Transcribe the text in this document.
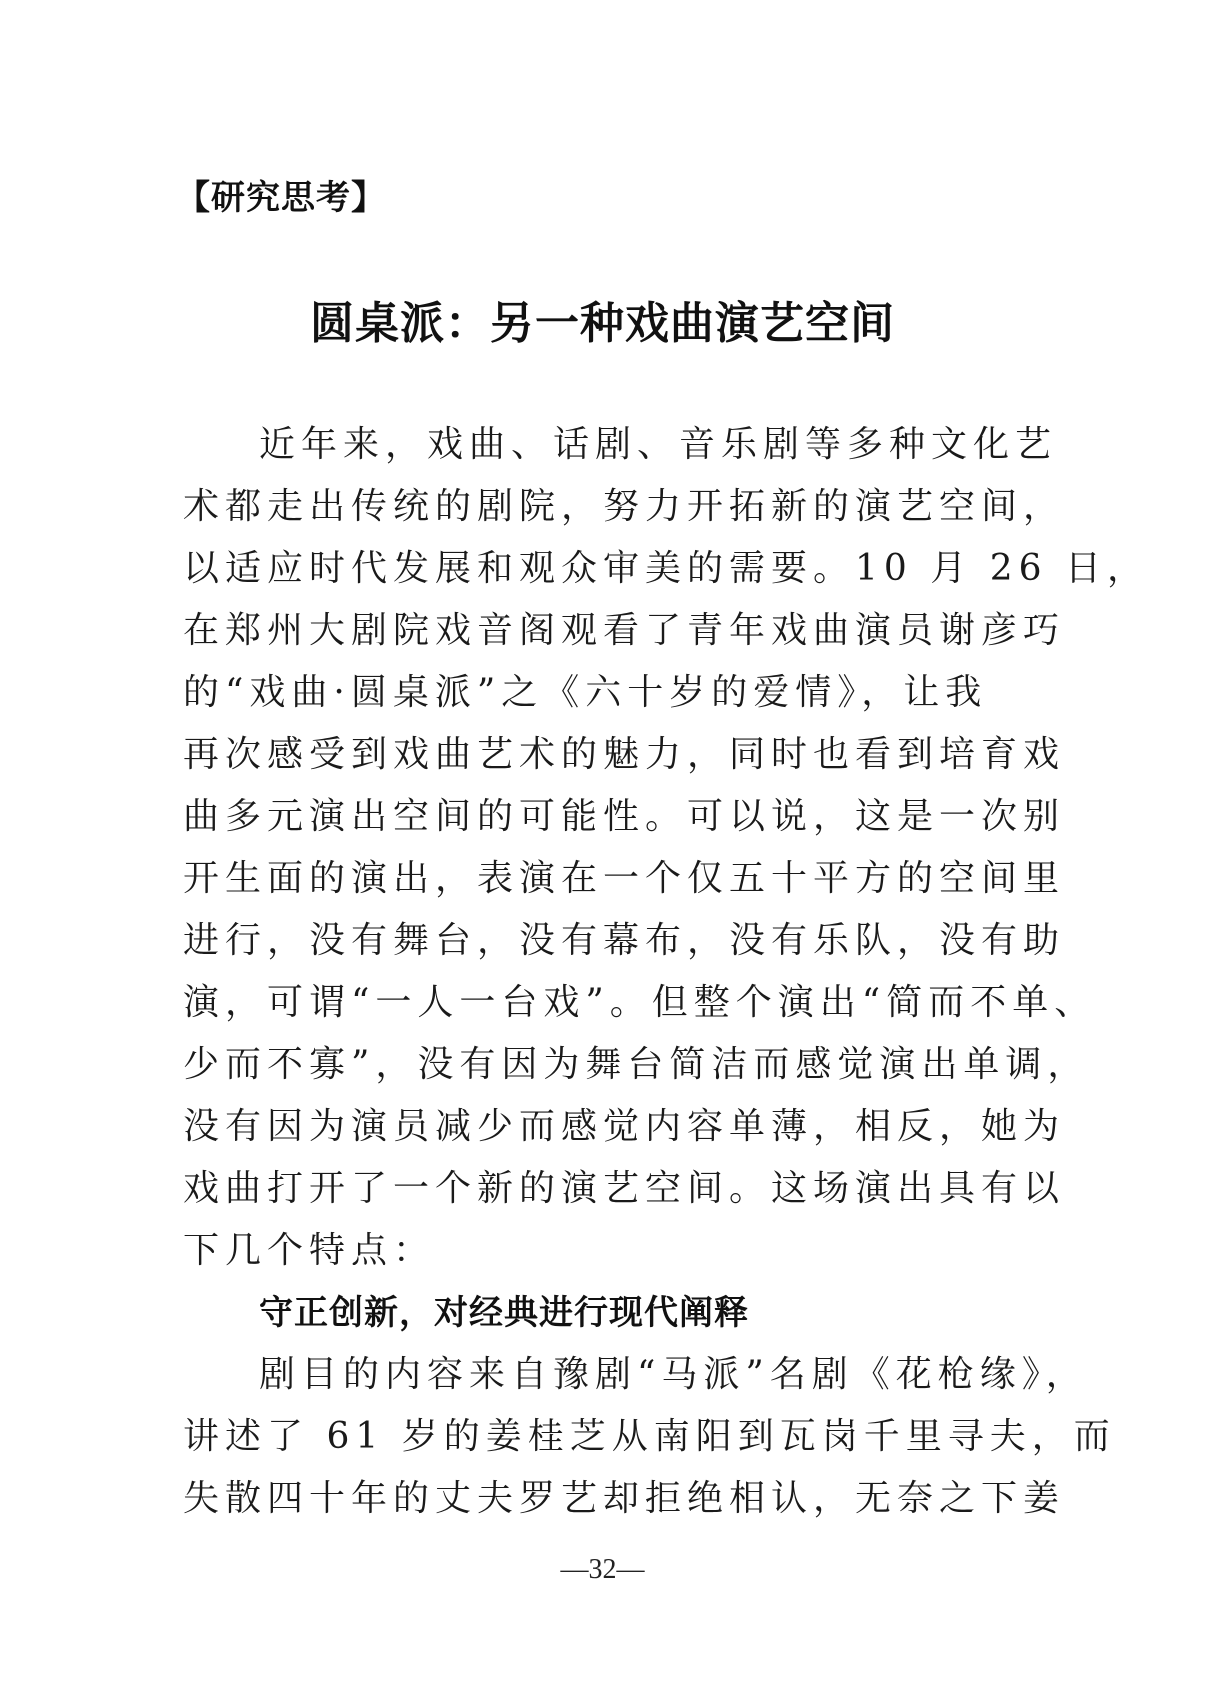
【研究思考】
圆桌派：另一种戏曲演艺空间
近年来，戏曲、话剧、音乐剧等多种文化艺
术都走出传统的剧院，努力开拓新的演艺空间，
以适应时代发展和观众审美的需要。10 月 26 日，
在郑州大剧院戏音阁观看了青年戏曲演员谢彦巧
的“戏曲·圆桌派”之《六十岁的爱情》，让我
再次感受到戏曲艺术的魅力，同时也看到培育戏
曲多元演出空间的可能性。可以说，这是一次别
开生面的演出，表演在一个仅五十平方的空间里
进行，没有舞台，没有幕布，没有乐队，没有助
演，可谓“一人一台戏”。但整个演出“简而不单、
少而不寡”，没有因为舞台简洁而感觉演出单调，
没有因为演员减少而感觉内容单薄，相反，她为
戏曲打开了一个新的演艺空间。这场演出具有以
下几个特点：
守正创新，对经典进行现代阐释
剧目的内容来自豫剧“马派”名剧《花枪缘》，
讲述了 61 岁的姜桂芝从南阳到瓦岗千里寻夫，而
失散四十年的丈夫罗艺却拒绝相认，无奈之下姜
—32—
